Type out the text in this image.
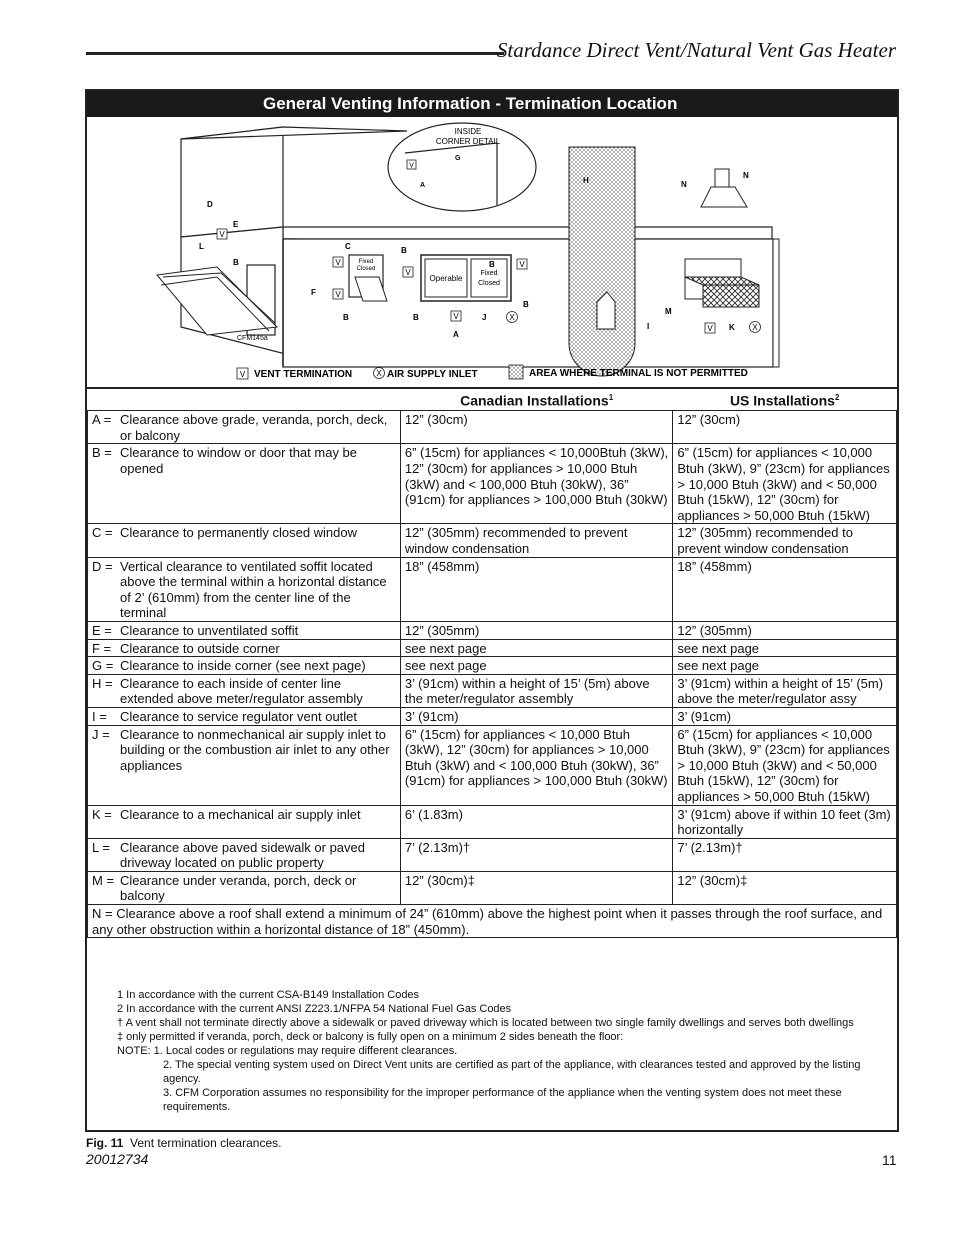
Stardance Direct Vent/Natural Vent Gas Heater
General Venting Information - Termination Location
INSIDE
CORNER DETAIL
V
G
A
H
I
N
N
M
Fixed
Closed
Operable
Fixed
Closed
D
E
L
B
F
C
B
B
B
B
B
A
J
K
V
V
V
V
V
V
V
X
X
CFM145a
V VENT TERMINATION	X AIR SUPPLY INLET	AREA WHERE TERMINAL IS NOT PERMITTED
	Canadian Installations$^1$	US Installations$^2$
A = Clearance above grade, veranda, porch, deck, or balcony	12” (30cm)	12” (30cm)
B = Clearance to window or door that may be opened	6” (15cm) for appliances < 10,000Btuh (3kW), 12” (30cm) for appliances > 10,000 Btuh (3kW) and < 100,000 Btuh (30kW), 36” (91cm) for appliances > 100,000 Btuh (30kW)	6” (15cm) for appliances < 10,000 Btuh (3kW), 9” (23cm) for appliances > 10,000 Btuh (3kW) and < 50,000 Btuh (15kW), 12” (30cm) for appliances > 50,000 Btuh (15kW)
C = Clearance to permanently closed window	12” (305mm) recommended to prevent window condensation	12” (305mm) recommended to prevent window condensation
D = Vertical clearance to ventilated soffit located above the terminal within a horizontal distance of 2’ (610mm) from the center line of the terminal	18” (458mm)	18” (458mm)
E = Clearance to unventilated soffit	12” (305mm)	12” (305mm)
F = Clearance to outside corner	see next page	see next page
G = Clearance to inside corner (see next page)	see next page	see next page
H = Clearance to each inside of center line extended above meter/regulator assembly	3’ (91cm) within a height of 15’ (5m) above the meter/regulator assembly	3’ (91cm) within a height of 15’ (5m) above the meter/regulator assy
I = Clearance to service regulator vent outlet	3’ (91cm)	3’ (91cm)
J = Clearance to nonmechanical air supply inlet to building or the combustion air inlet to any other appliances	6” (15cm) for appliances < 10,000 Btuh (3kW), 12” (30cm) for appliances > 10,000 Btuh (3kW) and < 100,000 Btuh (30kW), 36” (91cm) for appliances > 100,000 Btuh (30kW)	6” (15cm) for appliances < 10,000 Btuh (3kW), 9” (23cm) for appliances > 10,000 Btuh (3kW) and < 50,000 Btuh (15kW), 12” (30cm) for appliances > 50,000 Btuh (15kW)
K = Clearance to a mechanical air supply inlet	6’ (1.83m)	3’ (91cm) above if within 10 feet (3m) horizontally
L = Clearance above paved sidewalk or paved driveway located on public property	7’ (2.13m)†	7’ (2.13m)†
M = Clearance under veranda, porch, deck or balcony	12” (30cm)‡	12” (30cm)‡
N = Clearance above a roof shall extend a minimum of 24” (610mm) above the highest point when it passes through the roof surface, and any other obstruction within a horizontal distance of 18” (450mm).		
1 In accordance with the current CSA-B149 Installation Codes
2 In accordance with the current ANSI Z223.1/NFPA 54 National Fuel Gas Codes
† A vent shall not terminate directly above a sidewalk or paved driveway which is located between two single family dwellings and serves both dwellings
‡ only permitted if veranda, porch, deck or balcony is fully open on a minimum 2 sides beneath the floor:
NOTE: 1. Local codes or regulations may require different clearances.
2. The special venting system used on Direct Vent units are certified as part of the appliance, with clearances tested and approved by the listing agency.
3. CFM Corporation assumes no responsibility for the improper performance of the appliance when the venting system does not meet these requirements.
Fig. 11 Vent termination clearances.
20012734	11
